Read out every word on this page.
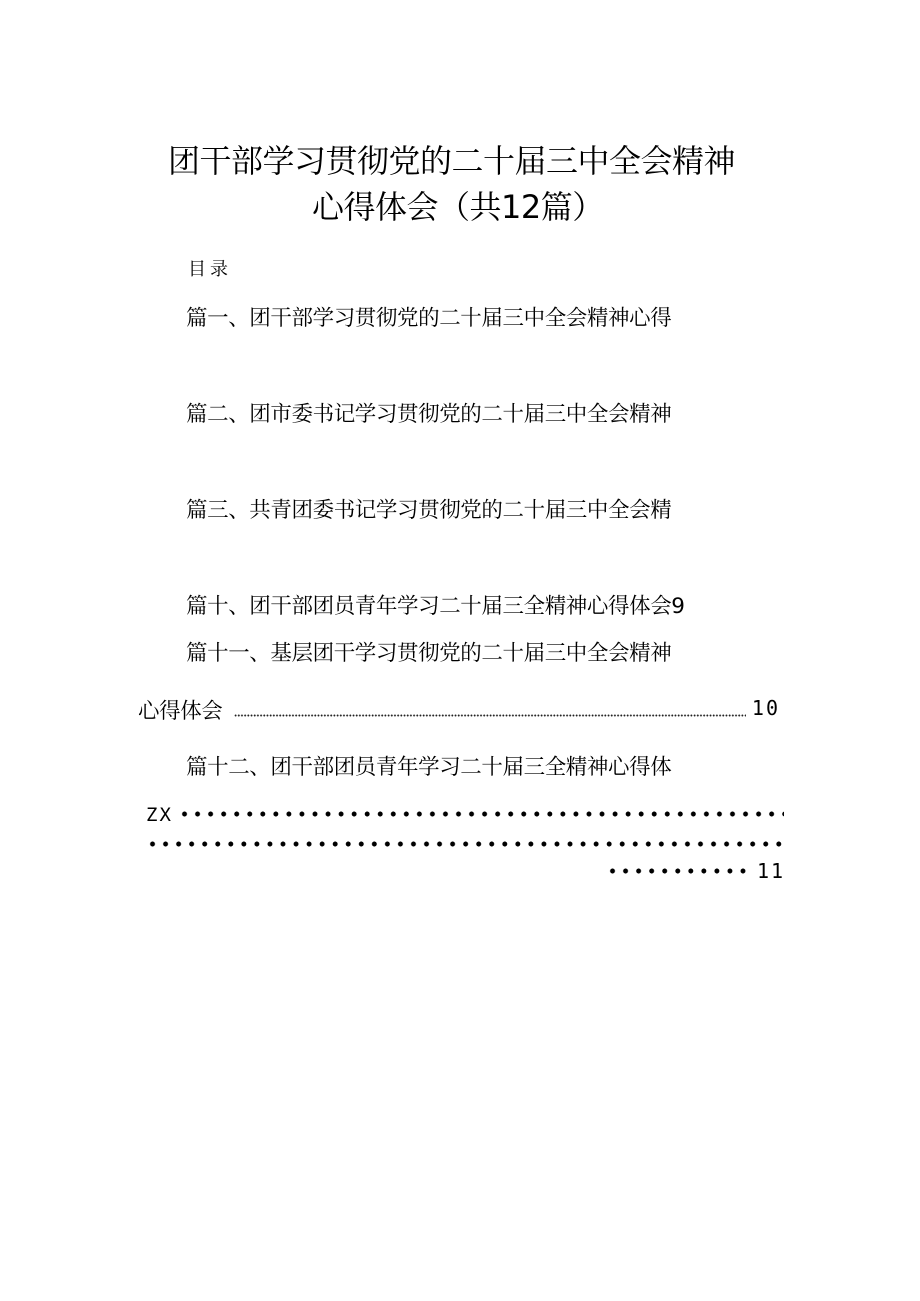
团干部学习贯彻党的二十届三中全会精神
心得体会（共12篇）
目录
篇一、团干部学习贯彻党的二十届三中全会精神心得
篇二、团市委书记学习贯彻党的二十届三中全会精神
篇三、共青团委书记学习贯彻党的二十届三中全会精
篇十、团干部团员青年学习二十届三全精神心得体会9
篇十一、基层团干学习贯彻党的二十届三中全会精神
心得体会	10
篇十二、团干部团员青年学习二十届三全精神心得体
ZX
11
